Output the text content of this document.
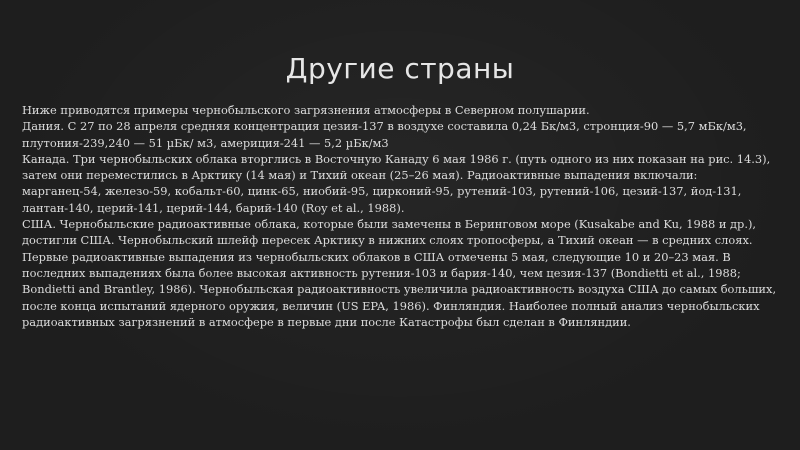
Другие страны

Ниже приводятся примеры чернобыльского загрязнения атмосферы в Северном полушарии.

Дания. С 27 по 28 апреля средняя концентрация цезия-137 в воздухе составила 0,24 Бк/м3, стронция-90 — 5,7 мБк/м3, плутония-239,240 — 51 µБк/ м3, америция-241 — 5,2 µБк/м3

Канада. Три чернобыльских облака вторглись в Восточную Канаду 6 мая 1986 г. (путь одного из них показан на рис. 14.3), затем они переместились в Арктику (14 мая) и Тихий океан (25–26 мая). Радиоактивные выпадения включали: марганец-54, железо-59, кобальт-60, цинк-65, ниобий-95, цирконий-95, рутений-103, рутений-106, цезий-137, йод-131, лантан-140, церий-141, церий-144, барий-140 (Roy et al., 1988).

США. Чернобыльские радиоактивные облака, которые были замечены в Беринговом море (Kusakabe and Ku, 1988 и др.), достигли США. Чернобыльский шлейф пересек Арктику в нижних слоях тропосферы, а Тихий океан — в средних слоях. Первые радиоактивные выпадения из чернобыльских облаков в США отмечены 5 мая, следующие 10 и 20–23 мая. В последних выпадениях была более высокая активность рутения-103 и бария-140, чем цезия-137 (Bondietti et al., 1988; Bondietti and Brantley, 1986). Чернобыльская радиоактивность увеличила радиоактивность воздуха США до самых больших, после конца испытаний ядерного оружия, величин (US EPA, 1986). Финляндия. Наиболее полный анализ чернобыльских радиоактивных загрязнений в атмосфере в первые дни после Катастрофы был сделан в Финляндии.
